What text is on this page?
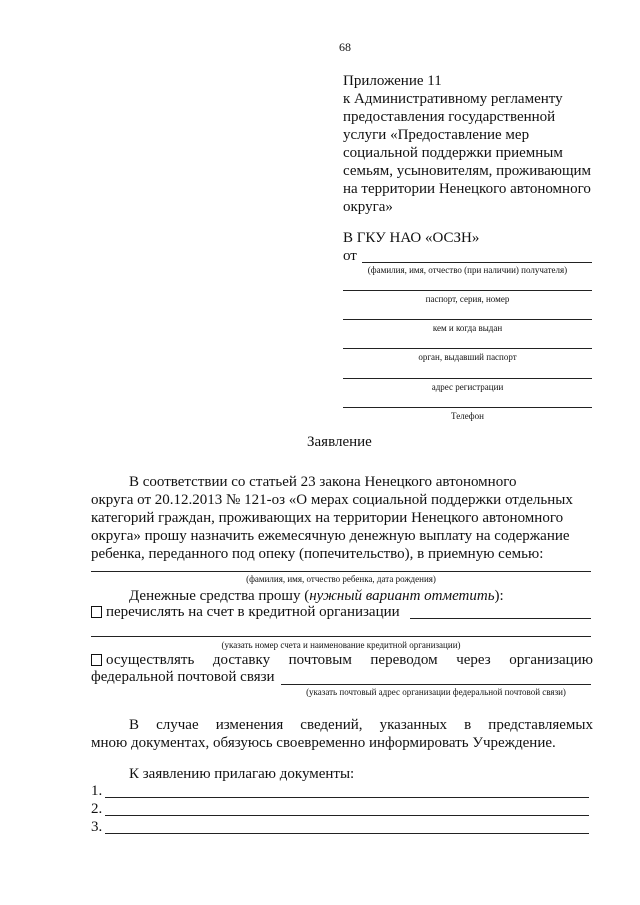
68
Приложение 11
к Административному регламенту
предоставления государственной
услуги «Предоставление мер
социальной поддержки приемным
семьям, усыновителям, проживающим
на территории Ненецкого автономного
округа»
В ГКУ НАО «ОСЗН»
от
(фамилия, имя, отчество (при наличии) получателя)
паспорт, серия, номер
кем и когда выдан
орган, выдавший паспорт
адрес регистрации
Телефон
Заявление
В соответствии со статьей 23 закона Ненецкого автономного
округа от 20.12.2013 № 121-оз «О мерах социальной поддержки отдельных
категорий граждан, проживающих на территории Ненецкого автономного
округа» прошу назначить ежемесячную денежную выплату на содержание
ребенка, переданного под опеку (попечительство), в приемную семью:
(фамилия, имя, отчество ребенка, дата рождения)
Денежные средства прошу (нужный вариант отметить):
перечислять на счет в кредитной организации
(указать номер счета и наименование кредитной организации)
осуществлять доставку почтовым переводом через организацию
федеральной почтовой связи
(указать почтовый адрес организации федеральной почтовой связи)
В случае изменения сведений, указанных в представляемых
мною документах, обязуюсь своевременно информировать Учреждение.
К заявлению прилагаю документы:
1.
2.
3.
